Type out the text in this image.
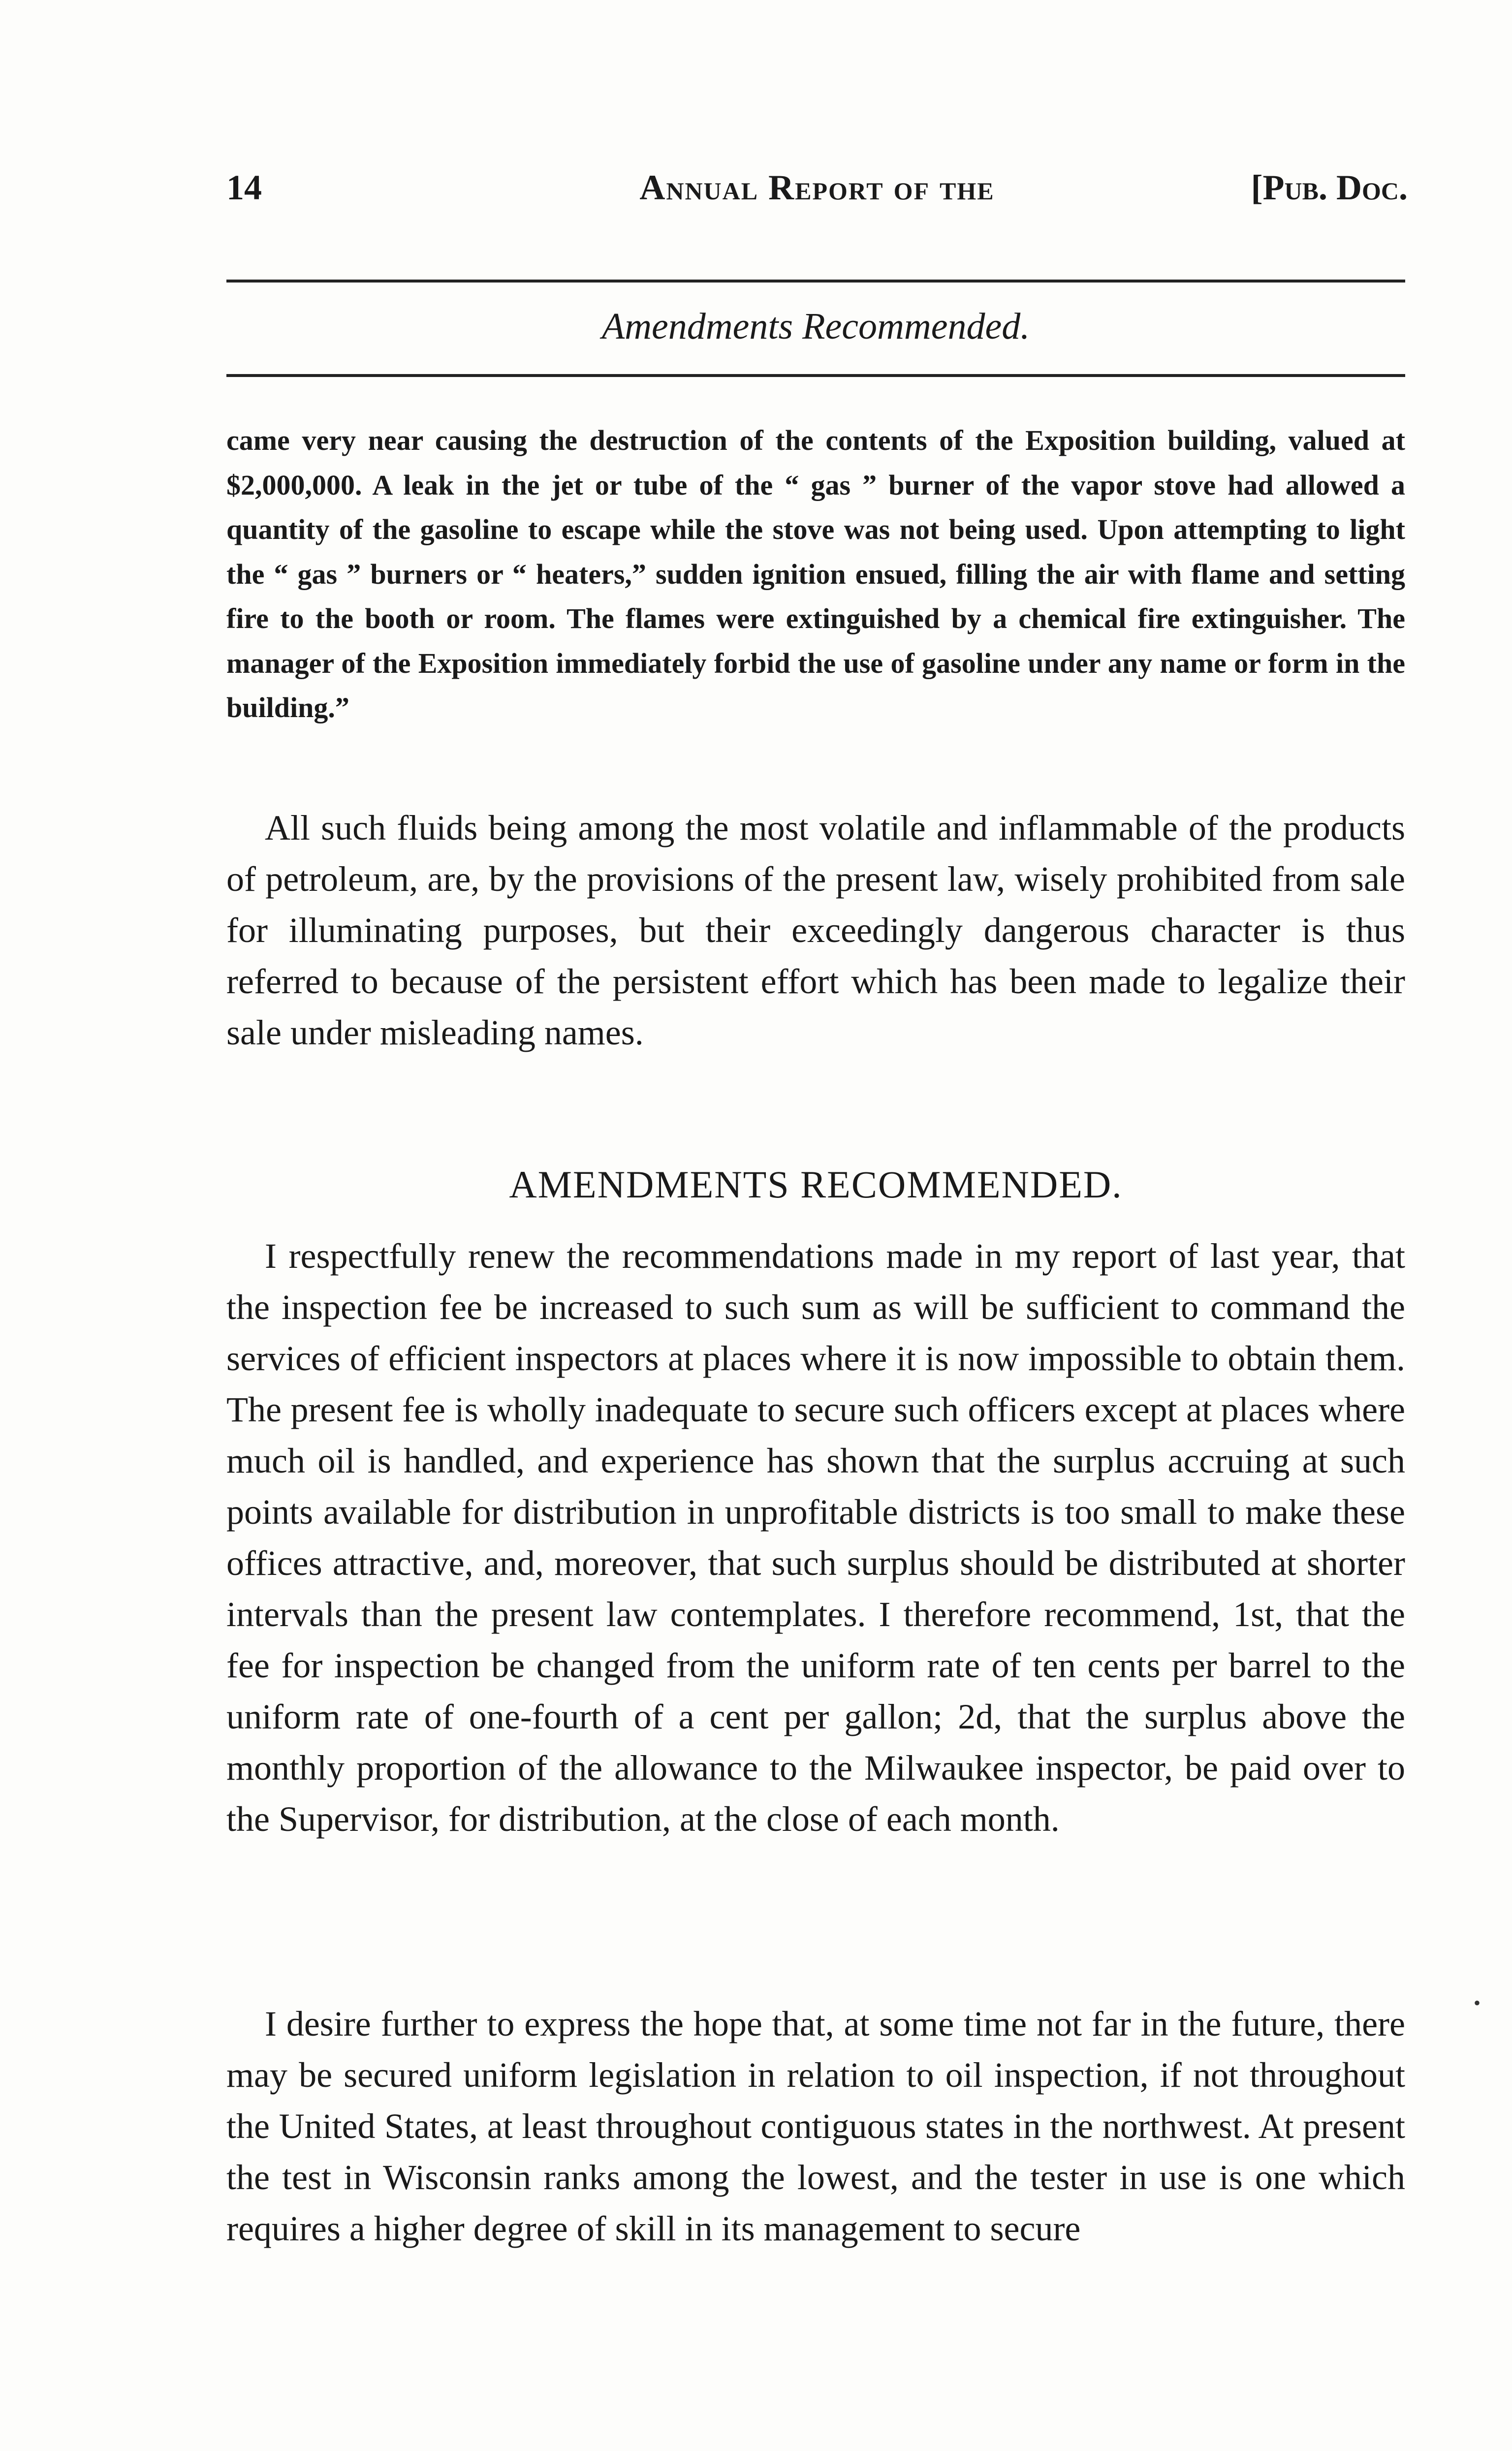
14	Annual Report of the	[Pub. Doc.
Amendments Recommended.
came very near causing the destruction of the contents of the Exposition building, valued at $2,000,000. A leak in the jet or tube of the “ gas ” burner of the vapor stove had allowed a quantity of the gasoline to escape while the stove was not being used. Upon attempting to light the “ gas ” burners or “ heaters,” sudden ignition ensued, filling the air with flame and setting fire to the booth or room. The flames were extinguished by a chemical fire extinguisher. The manager of the Exposition immediately forbid the use of gasoline under any name or form in the building.”

All such fluids being among the most volatile and inflammable of the products of petroleum, are, by the provisions of the present law, wisely prohibited from sale for illuminating purposes, but their exceedingly dangerous character is thus referred to because of the persistent effort which has been made to legalize their sale under misleading names.

AMENDMENTS RECOMMENDED.

I respectfully renew the recommendations made in my report of last year, that the inspection fee be increased to such sum as will be sufficient to command the services of efficient inspectors at places where it is now impossible to obtain them. The present fee is wholly inadequate to secure such officers except at places where much oil is handled, and experience has shown that the surplus accruing at such points available for distribution in unprofitable districts is too small to make these offices attractive, and, moreover, that such surplus should be distributed at shorter intervals than the present law contemplates. I therefore recommend, 1st, that the fee for inspection be changed from the uniform rate of ten cents per barrel to the uniform rate of one-fourth of a cent per gallon; 2d, that the surplus above the monthly proportion of the allowance to the Milwaukee inspector, be paid over to the Supervisor, for distribution, at the close of each month.

I desire further to express the hope that, at some time not far in the future, there may be secured uniform legislation in relation to oil inspection, if not throughout the United States, at least throughout contiguous states in the northwest. At present the test in Wisconsin ranks among the lowest, and the tester in use is one which requires a higher degree of skill in its management to secure

•
